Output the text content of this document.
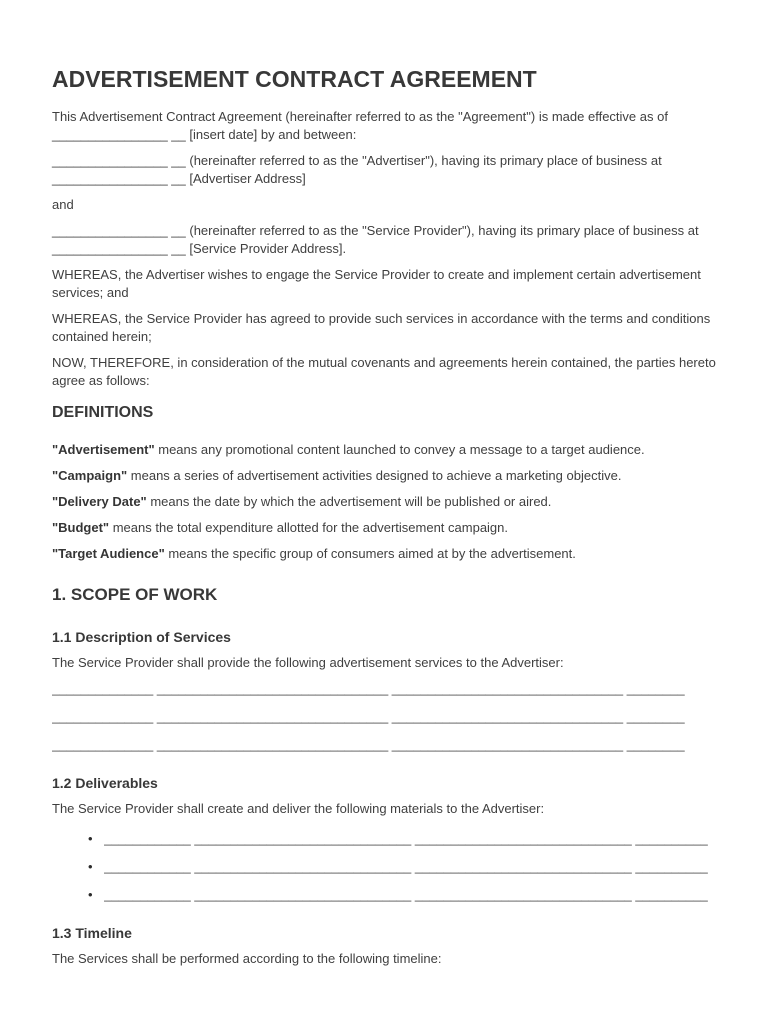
ADVERTISEMENT CONTRACT AGREEMENT

This Advertisement Contract Agreement (hereinafter referred to as the "Agreement") is made effective as of ________________ __ [insert date] by and between:

________________ __ (hereinafter referred to as the "Advertiser"), having its primary place of business at ________________ __ [Advertiser Address]

and

________________ __ (hereinafter referred to as the "Service Provider"), having its primary place of business at ________________ __ [Service Provider Address].

WHEREAS, the Advertiser wishes to engage the Service Provider to create and implement certain advertisement services; and

WHEREAS, the Service Provider has agreed to provide such services in accordance with the terms and conditions contained herein;

NOW, THEREFORE, in consideration of the mutual covenants and agreements herein contained, the parties hereto agree as follows:

DEFINITIONS

"Advertisement" means any promotional content launched to convey a message to a target audience.

"Campaign" means a series of advertisement activities designed to achieve a marketing objective.

"Delivery Date" means the date by which the advertisement will be published or aired.

"Budget" means the total expenditure allotted for the advertisement campaign.

"Target Audience" means the specific group of consumers aimed at by the advertisement.

1. SCOPE OF WORK
1.1 Description of Services

The Service Provider shall provide the following advertisement services to the Advertiser:

______________ ________________________________ ________________________________ ________
______________ ________________________________ ________________________________ ________
______________ ________________________________ ________________________________ ________
1.2 Deliverables

The Service Provider shall create and deliver the following materials to the Advertiser:

• ____________ ______________________________ ______________________________ __________
• ____________ ______________________________ ______________________________ __________
• ____________ ______________________________ ______________________________ __________
1.3 Timeline

The Services shall be performed according to the following timeline:
